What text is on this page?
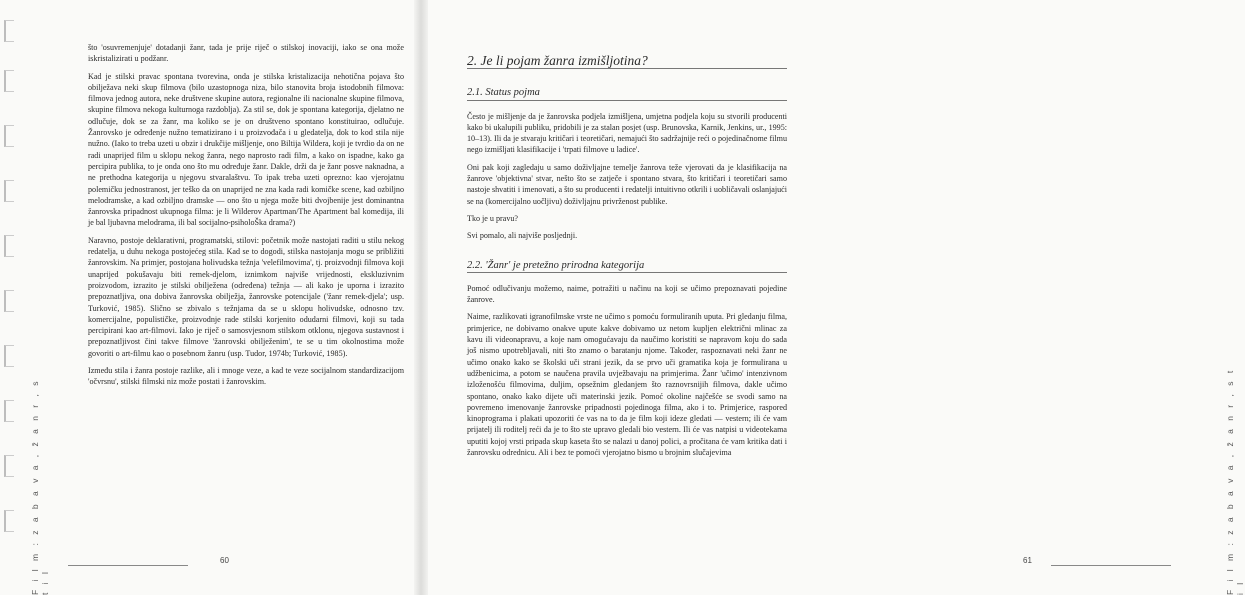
F i l m : z a b a v a , ž a n r , s t i l

što 'osuvremenjuje' dotadanji žanr, tada je prije riječ o stilskoj inovaciji, iako se ona može iskristalizirati u podžanr.

Kad je stilski pravac spontana tvorevina, onda je stilska kristalizacija nehotična pojava što obilježava neki skup filmova (bilo uzastopnoga niza, bilo stanovita broja istodobnih filmova: filmova jednog autora, neke društvene skupine autora, regionalne ili nacionalne skupine filmova, skupine filmova nekoga kulturnoga razdoblja). Za stil se, dok je spontana kategorija, djelatno ne odlučuje, dok se za žanr, ma koliko se je on društveno spontano konstituirao, odlučuje. Žanrovsko je određenje nužno tematizirano i u proizvođača i u gledatelja, dok to kod stila nije nužno. (Iako to treba uzeti u obzir i drukčije mišljenje, ono Biltija Wildera, koji je tvrdio da on ne radi unaprijed film u sklopu nekog žanra, nego naprosto radi film, a kako on ispadne, kako ga percipira publika, to je onda ono što mu određuje žanr. Dakle, drži da je žanr posve naknadna, a ne prethodna kategorija u njegovu stvaralaštvu. To ipak treba uzeti oprezno: kao vjerojatnu polemičku jednostranost, jer teško da on unaprijed ne zna kada radi komičke scene, kad ozbiljno melodramske, a kad ozbiljno dramske — ono što u njega može biti dvojbenije jest dominantna žanrovska pripadnost ukupnoga filma: je li Wilderov Apartman/The Apartment bal komedija, ili je bal ljubavna melodrama, ili bal socijalno-psiholoŠka drama?)

Naravno, postoje deklarativni, programatski, stilovi: početnik može nastojati raditi u stilu nekog redatelja, u duhu nekoga postojećeg stila. Kad se to dogodi, stilska nastojanja mogu se približiti žanrovskim. Na primjer, postojana holivudska težnja 'velefilmovima', tj. proizvodnji filmova koji unaprijed pokušavaju biti remek-djelom, iznimkom najviše vrijednosti, ekskluzivnim proizvodom, izrazito je stilski obilježena (određena) težnja — ali kako je uporna i izrazito prepoznatljiva, ona dobiva žanrovska obilježja, žanrovske potencijale ('žanr remek-djela'; usp. Turković, 1985). Slično se zbivalo s težnjama da se u sklopu holivudske, odnosno tzv. komercijalne, populističke, proizvodnje rade stilski korjenito odudarni filmovi, koji su tada percipirani kao art-filmovi. Iako je riječ o samosvjesnom stilskom otklonu, njegova sustavnost i prepoznatljivost čini takve filmove 'žanrovski obilježenim', te se u tim okolnostima može govoriti o art-filmu kao o posebnom žanru (usp. Tudor, 1974b; Turković, 1985).

Između stila i žanra postoje razlike, ali i mnoge veze, a kad te veze socijalnom standardizacijom 'očvrsnu', stilski filmski niz može postati i žanrovskim.

60
2. Je li pojam žanra izmišljotina?
2.1. Status pojma

Često je mišljenje da je žanrovska podjela izmišljena, umjetna podjela koju su stvorili producenti kako bi ukalupili publiku, pridobili je za stalan posjet (usp. Brunovska, Karnik, Jenkins, ur., 1995: 10–13). Ili da je stvaraju kritičari i teoretičari, nemajući što sadržajnije reći o pojedinačnome filmu nego izmišljati klasifikacije i 'trpati filmove u ladice'.

Oni pak koji zagledaju u samo doživljajne temelje žanrova teže vjerovati da je klasifikacija na žanrove 'objektivna' stvar, nešto što se zatječe i spontano stvara, što kritičari i teoretičari samo nastoje shvatiti i imenovati, a što su producenti i redatelji intuitivno otkrili i uobličavali oslanjajući se na (komercijalno uočljivu) doživljajnu privrženost publike.

Tko je u pravu?

Svi pomalo, ali najviše posljednji.

2.2. 'Žanr' je pretežno prirodna kategorija

Pomoć odlučivanju možemo, naime, potražiti u načinu na koji se učimo prepoznavati pojedine žanrove.

Naime, razlikovati igranofilmske vrste ne učimo s pomoću formuliranih uputa. Pri gledanju filma, primjerice, ne dobivamo onakve upute kakve dobivamo uz netom kupljen električni mlinac za kavu ili videonapravu, a koje nam omogućavaju da naučimo koristiti se napravom koju do sada još nismo upotrebljavali, niti što znamo o baratanju njome. Također, raspoznavati neki žanr ne učimo onako kako se školski uči strani jezik, da se prvo uči gramatika koja je formulirana u udžbenicima, a potom se naučena pravila uvježbavaju na primjerima. Žanr 'učimo' intenzivnom izloženošću filmovima, duljim, opsežnim gledanjem što raznovrsnijih filmova, dakle učimo spontano, onako kako dijete uči materinski jezik. Pomoć okoline najčešće se svodi samo na povremeno imenovanje žanrovske pripadnosti pojedinoga filma, ako i to. Primjerice, raspored kinoprograma i plakati upozoriti će vas na to da je film koji ideze gledati — vestern; ili će vam prijatelj ili roditelj reći da je to što ste upravo gledali bio vestern. Ili će vas natpisi u videotekama uputiti kojoj vrsti pripada skup kaseta što se nalazi u danoj polici, a pročitana će vam kritika dati i žanrovsku odrednicu. Ali i bez te pomoći vjerojatno bismo u brojnim slučajevima	F i l m : z a b a v a , ž a n r , s t i l
61
